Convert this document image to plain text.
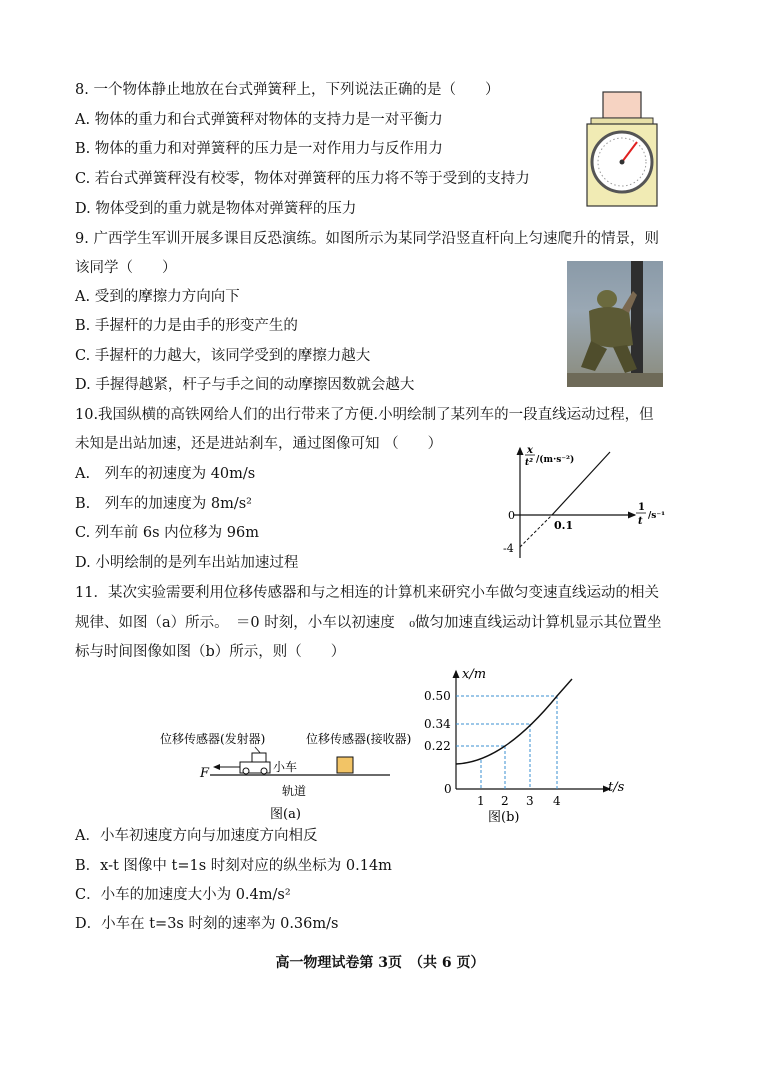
8. 一个物体静止地放在台式弹簧秤上，下列说法正确的是（　　）
A. 物体的重力和台式弹簧秤对物体的支持力是一对平衡力
B. 物体的重力和对弹簧秤的压力是一对作用力与反作用力
C. 若台式弹簧秤没有校零，物体对弹簧秤的压力将不等于受到的支持力
D. 物体受到的重力就是物体对弹簧秤的压力
9. 广西学生军训开展多课目反恐演练。如图所示为某同学沿竖直杆向上匀速爬升的情景，则
该同学（　　）
A. 受到的摩擦力方向向下
B. 手握杆的力是由手的形变产生的
C. 手握杆的力越大，该同学受到的摩擦力越大
D. 手握得越紧，杆子与手之间的动摩擦因数就会越大
10.我国纵横的高铁网给人们的出行带来了方便.小明绘制了某列车的一段直线运动过程，但
未知是出站加速，还是进站刹车，通过图像可知 （　　）
A.　列车的初速度为 40m/s
B.　列车的加速度为 8m/s²
C. 列车前 6s 内位移为 96m
D. 小明绘制的是列车出站加速过程
x
t² /(m·s⁻²)
1
t /s⁻¹
0
0.1
-4
11．某次实验需要利用位移传感器和与之相连的计算机来研究小车做匀变速直线运动的相关
规律、如图（a）所示。　＝0 时刻，小车以初速度　₀做匀加速直线运动计算机显示其位置坐
标与时间图像如图（b）所示，则（　　）
位移传感器(发射器)	位移传感器(接收器)
小车
F
轨道
图(a)
x/m
t/s
0
0.50
0.34
0.22
1 2 3 4
图(b)
A．小车初速度方向与加速度方向相反
B．x-t 图像中 t=1s 时刻对应的纵坐标为 0.14m
C．小车的加速度大小为 0.4m/s²
D．小车在 t=3s 时刻的速率为 0.36m/s
高一物理试卷第 3页　（共 6 页）
